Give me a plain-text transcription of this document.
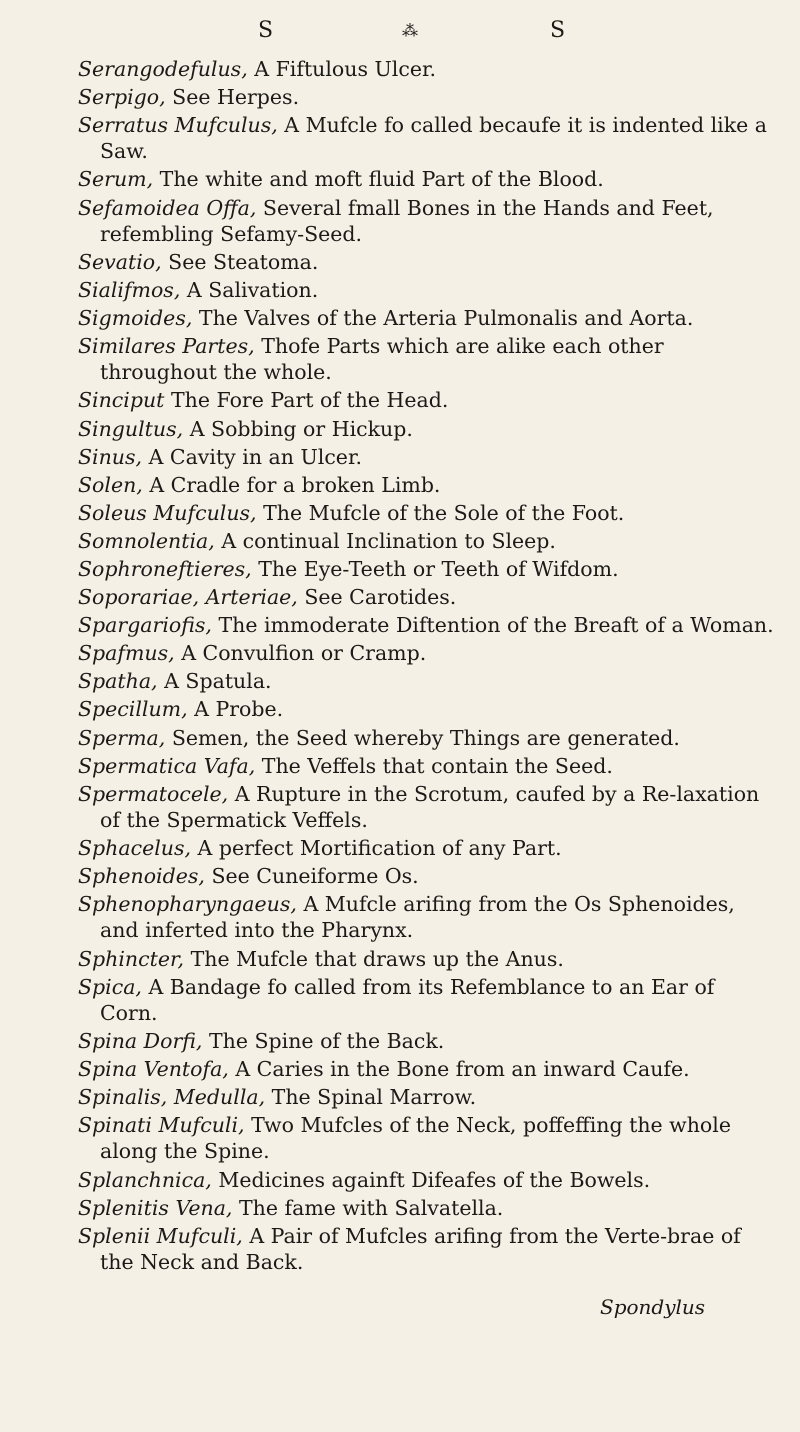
S	⁂	S

Serangodefulus, A Fiftulous Ulcer.

Serpigo, See Herpes.

Serratus Mufculus, A Mufcle fo called becaufe it is indented like a Saw.

Serum, The white and moft fluid Part of the Blood.

Sefamoidea Offa, Several fmall Bones in the Hands and Feet, refembling Sefamy-Seed.

Sevatio, See Steatoma.

Sialifmos, A Salivation.

Sigmoides, The Valves of the Arteria Pulmonalis and Aorta.

Similares Partes, Thofe Parts which are alike each other throughout the whole.

Sinciput The Fore Part of the Head.

Singultus, A Sobbing or Hickup.

Sinus, A Cavity in an Ulcer.

Solen, A Cradle for a broken Limb.

Soleus Mufculus, The Mufcle of the Sole of the Foot.

Somnolentia, A continual Inclination to Sleep.

Sophroneftieres, The Eye-Teeth or Teeth of Wifdom.

Soporariae, Arteriae, See Carotides.

Spargariofis, The immoderate Diftention of the Breaft of a Woman.

Spafmus, A Convulfion or Cramp.

Spatha, A Spatula.

Specillum, A Probe.

Sperma, Semen, the Seed whereby Things are generated.

Spermatica Vafa, The Veffels that contain the Seed.

Spermatocele, A Rupture in the Scrotum, caufed by a Re-laxation of the Spermatick Veffels.

Sphacelus, A perfect Mortification of any Part.

Sphenoides, See Cuneiforme Os.

Sphenopharyngaeus, A Mufcle arifing from the Os Sphenoides, and inferted into the Pharynx.

Sphincter, The Mufcle that draws up the Anus.

Spica, A Bandage fo called from its Refemblance to an Ear of Corn.

Spina Dorfi, The Spine of the Back.

Spina Ventofa, A Caries in the Bone from an inward Caufe.

Spinalis, Medulla, The Spinal Marrow.

Spinati Mufculi, Two Mufcles of the Neck, poffeffing the whole along the Spine.

Splanchnica, Medicines againft Difeafes of the Bowels.

Splenitis Vena, The fame with Salvatella.

Splenii Mufculi, A Pair of Mufcles arifing from the Verte-brae of the Neck and Back.

Spondylus
